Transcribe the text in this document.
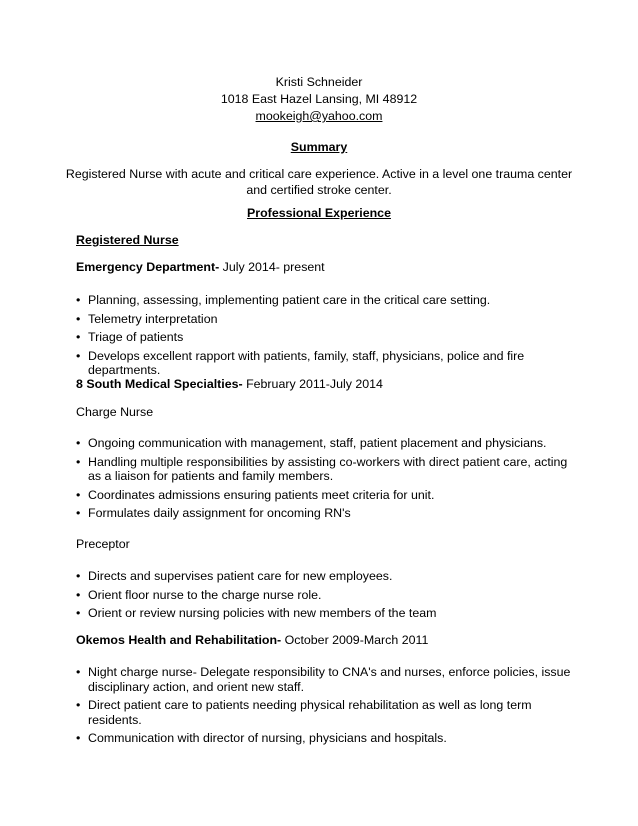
Kristi Schneider
1018 East Hazel Lansing, MI 48912
mookeigh@yahoo.com
Summary
Registered Nurse with acute and critical care experience. Active in a level one trauma center and certified stroke center.
Professional Experience
Registered Nurse
Emergency Department- July 2014- present
• Planning, assessing, implementing patient care in the critical care setting.
• Telemetry interpretation
• Triage of patients
• Develops excellent rapport with patients, family, staff, physicians, police and fire departments.
8 South Medical Specialties- February 2011-July 2014
Charge Nurse
• Ongoing communication with management, staff, patient placement and physicians.
• Handling multiple responsibilities by assisting co-workers with direct patient care, acting as a liaison for patients and family members.
• Coordinates admissions ensuring patients meet criteria for unit.
• Formulates daily assignment for oncoming RN's
Preceptor
• Directs and supervises patient care for new employees.
• Orient floor nurse to the charge nurse role.
• Orient or review nursing policies with new members of the team
Okemos Health and Rehabilitation- October 2009-March 2011
• Night charge nurse- Delegate responsibility to CNA's and nurses, enforce policies, issue disciplinary action, and orient new staff.
• Direct patient care to patients needing physical rehabilitation as well as long term residents.
• Communication with director of nursing, physicians and hospitals.
